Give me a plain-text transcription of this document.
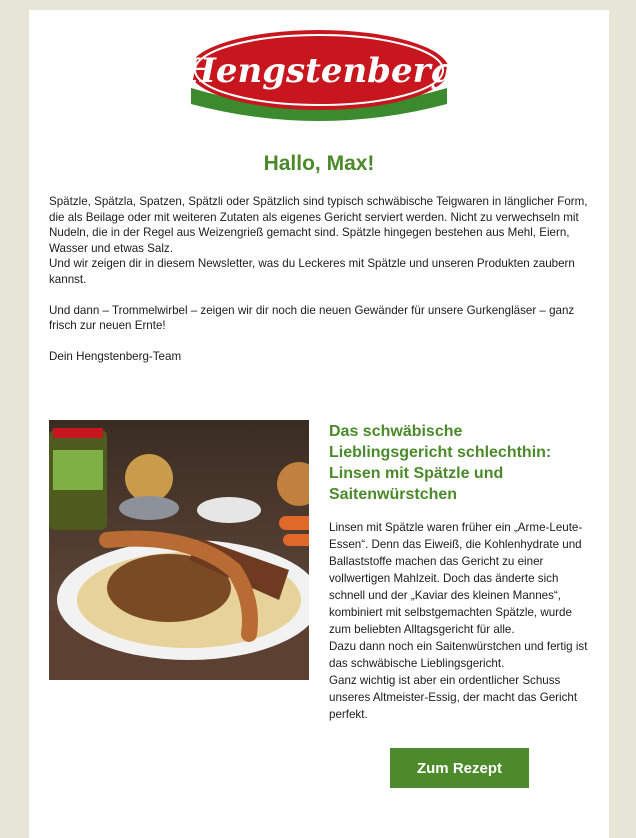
Hengstenberg
Hallo, Max!

Spätzle, Spätzla, Spatzen, Spätzli oder Spätzlich sind typisch schwäbische Teigwaren in länglicher Form, die als Beilage oder mit weiteren Zutaten als eigenes Gericht serviert werden. Nicht zu verwechseln mit Nudeln, die in der Regel aus Weizengrieß gemacht sind. Spätzle hingegen bestehen aus Mehl, Eiern, Wasser und etwas Salz.
Und wir zeigen dir in diesem Newsletter, was du Leckeres mit Spätzle und unseren Produkten zaubern kannst.

Und dann – Trommelwirbel – zeigen wir dir noch die neuen Gewänder für unsere Gurkengläser – ganz frisch zur neuen Ernte!

Dein Hengstenberg-Team

Das schwäbische Lieblingsgericht schlechthin: Linsen mit Spätzle und Saitenwürstchen
Linsen mit Spätzle waren früher ein „Arme-Leute-Essen“. Denn das Eiweiß, die Kohlenhydrate und Ballaststoffe machen das Gericht zu einer vollwertigen Mahlzeit. Doch das änderte sich schnell und der „Kaviar des kleinen Mannes“, kombiniert mit selbstgemachten Spätzle, wurde zum beliebten Alltagsgericht für alle.
Dazu dann noch ein Saitenwürstchen und fertig ist das schwäbische Lieblingsgericht.
Ganz wichtig ist aber ein ordentlicher Schuss unseres Altmeister-Essig, der macht das Gericht perfekt.
Zum Rezept
